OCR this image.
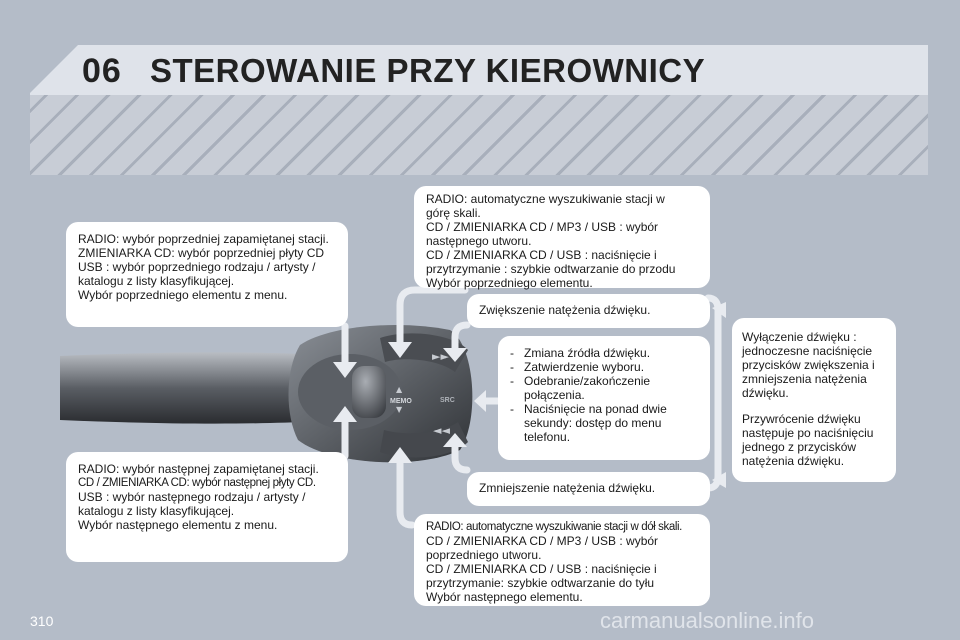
06 STEROWANIE PRZY KIEROWNICY
►►
◄◄
▲
▼
MEMO	SRC

RADIO: wybór poprzedniej zapamiętanej stacji.

ZMIENIARKA CD: wybór poprzedniej płyty CD

USB : wybór poprzedniego rodzaju / artysty /

katalogu z listy klasyfikującej.

Wybór poprzedniego elementu z menu.

RADIO: wybór następnej zapamiętanej stacji.

CD / ZMIENIARKA CD: wybór następnej płyty CD.

USB : wybór następnego rodzaju / artysty /

katalogu z listy klasyfikującej.

Wybór następnego elementu z menu.

RADIO: automatyczne wyszukiwanie stacji w

górę skali.

CD / ZMIENIARKA CD / MP3 / USB : wybór

następnego utworu.

CD / ZMIENIARKA CD / USB : naciśnięcie i

przytrzymanie : szybkie odtwarzanie do przodu

Wybór poprzedniego elementu.

Zwiększenie natężenia dźwięku.

- Zmiana źródła dźwięku.
- Zatwierdzenie wyboru.
- Odebranie/zakończenie połączenia.
- Naciśnięcie na ponad dwie sekundy: dostęp do menu telefonu.

Zmniejszenie natężenia dźwięku.

RADIO: automatyczne wyszukiwanie stacji w dół skali.

CD / ZMIENIARKA CD / MP3 / USB : wybór

poprzedniego utworu.

CD / ZMIENIARKA CD / USB : naciśnięcie i

przytrzymanie: szybkie odtwarzanie do tyłu

Wybór następnego elementu.

Wyłączenie dźwięku : jednoczesne naciśnięcie przycisków zwiększenia i zmniejszenia natężenia dźwięku.

Przywrócenie dźwięku następuje po naciśnięciu jednego z przycisków natężenia dźwięku.

310	carmanualsonline.info
